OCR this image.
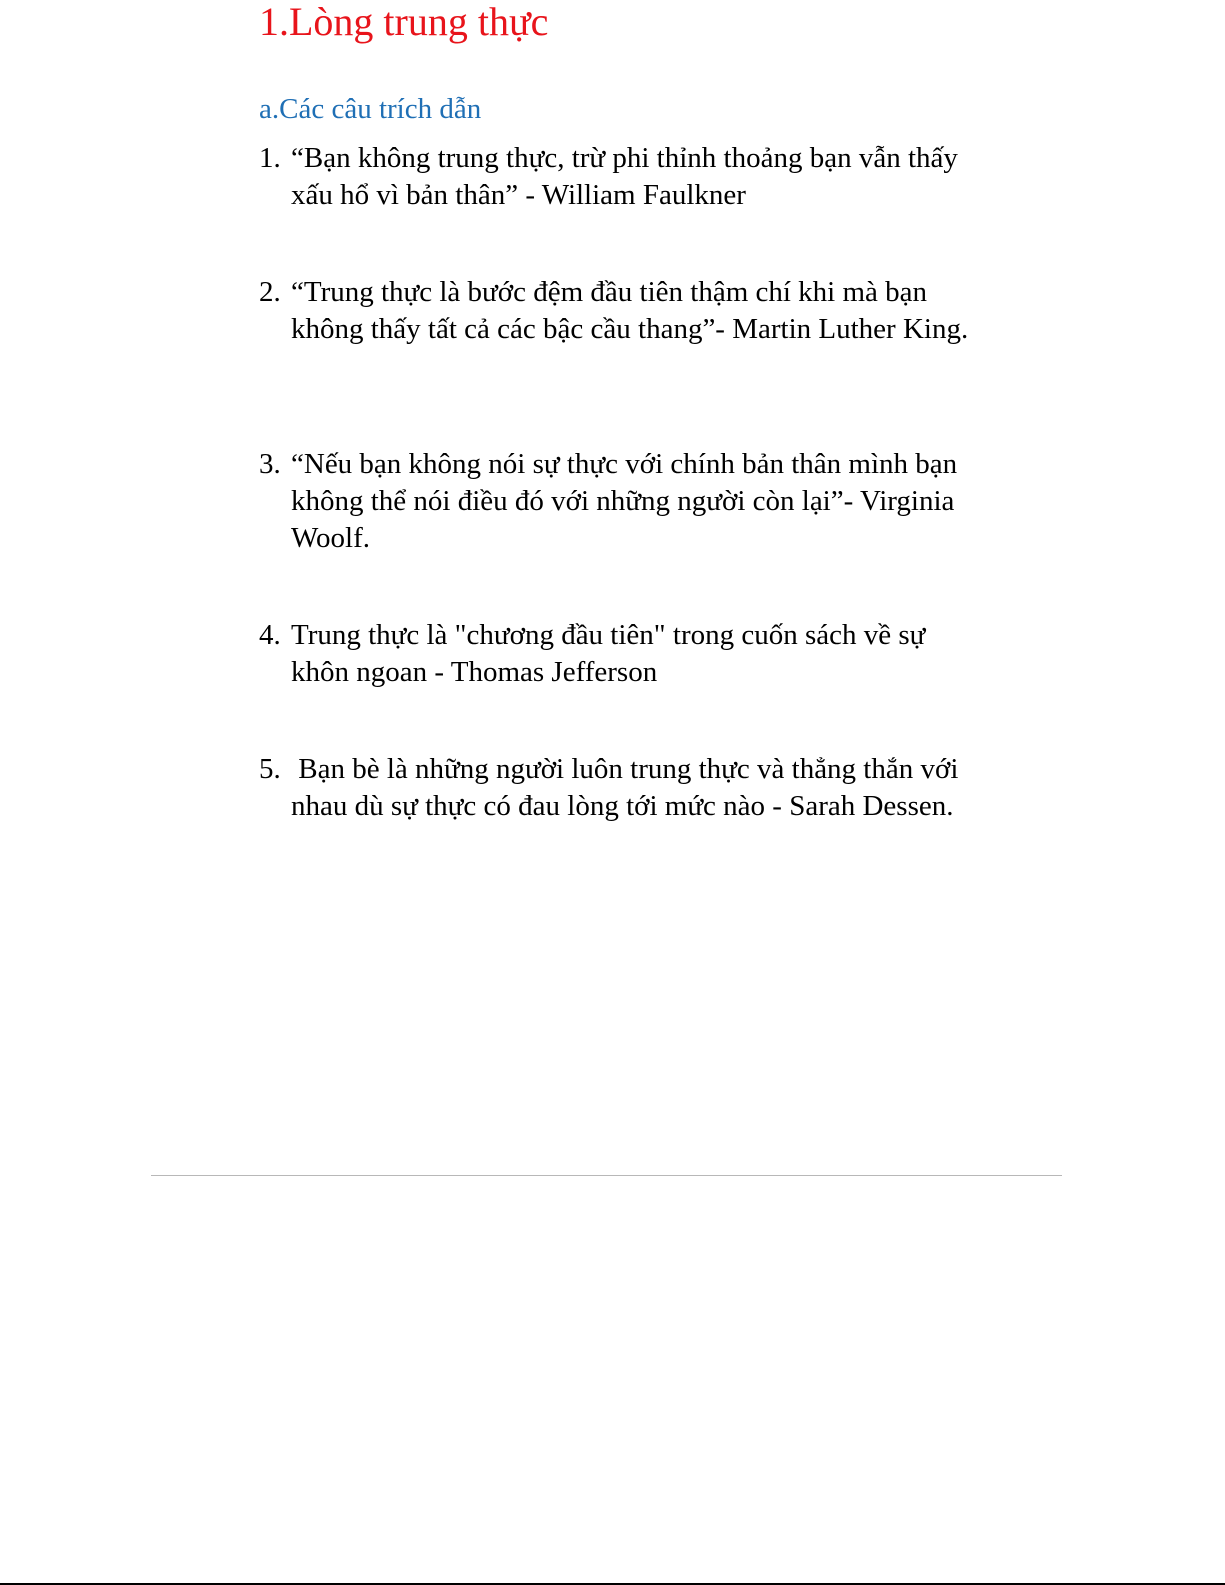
1.Lòng trung thực
a.Các câu trích dẫn
1. “Bạn không trung thực, trừ phi thỉnh thoảng bạn vẫn thấy xấu hổ vì bản thân” - William Faulkner
2. “Trung thực là bước đệm đầu tiên thậm chí khi mà bạn không thấy tất cả các bậc cầu thang”- Martin Luther King.
3. “Nếu bạn không nói sự thực với chính bản thân mình bạn không thể nói điều đó với những người còn lại”- Virginia Woolf.
4. Trung thực là "chương đầu tiên" trong cuốn sách về sự khôn ngoan - Thomas Jefferson
5. Bạn bè là những người luôn trung thực và thẳng thắn với nhau dù sự thực có đau lòng tới mức nào - Sarah Dessen.
